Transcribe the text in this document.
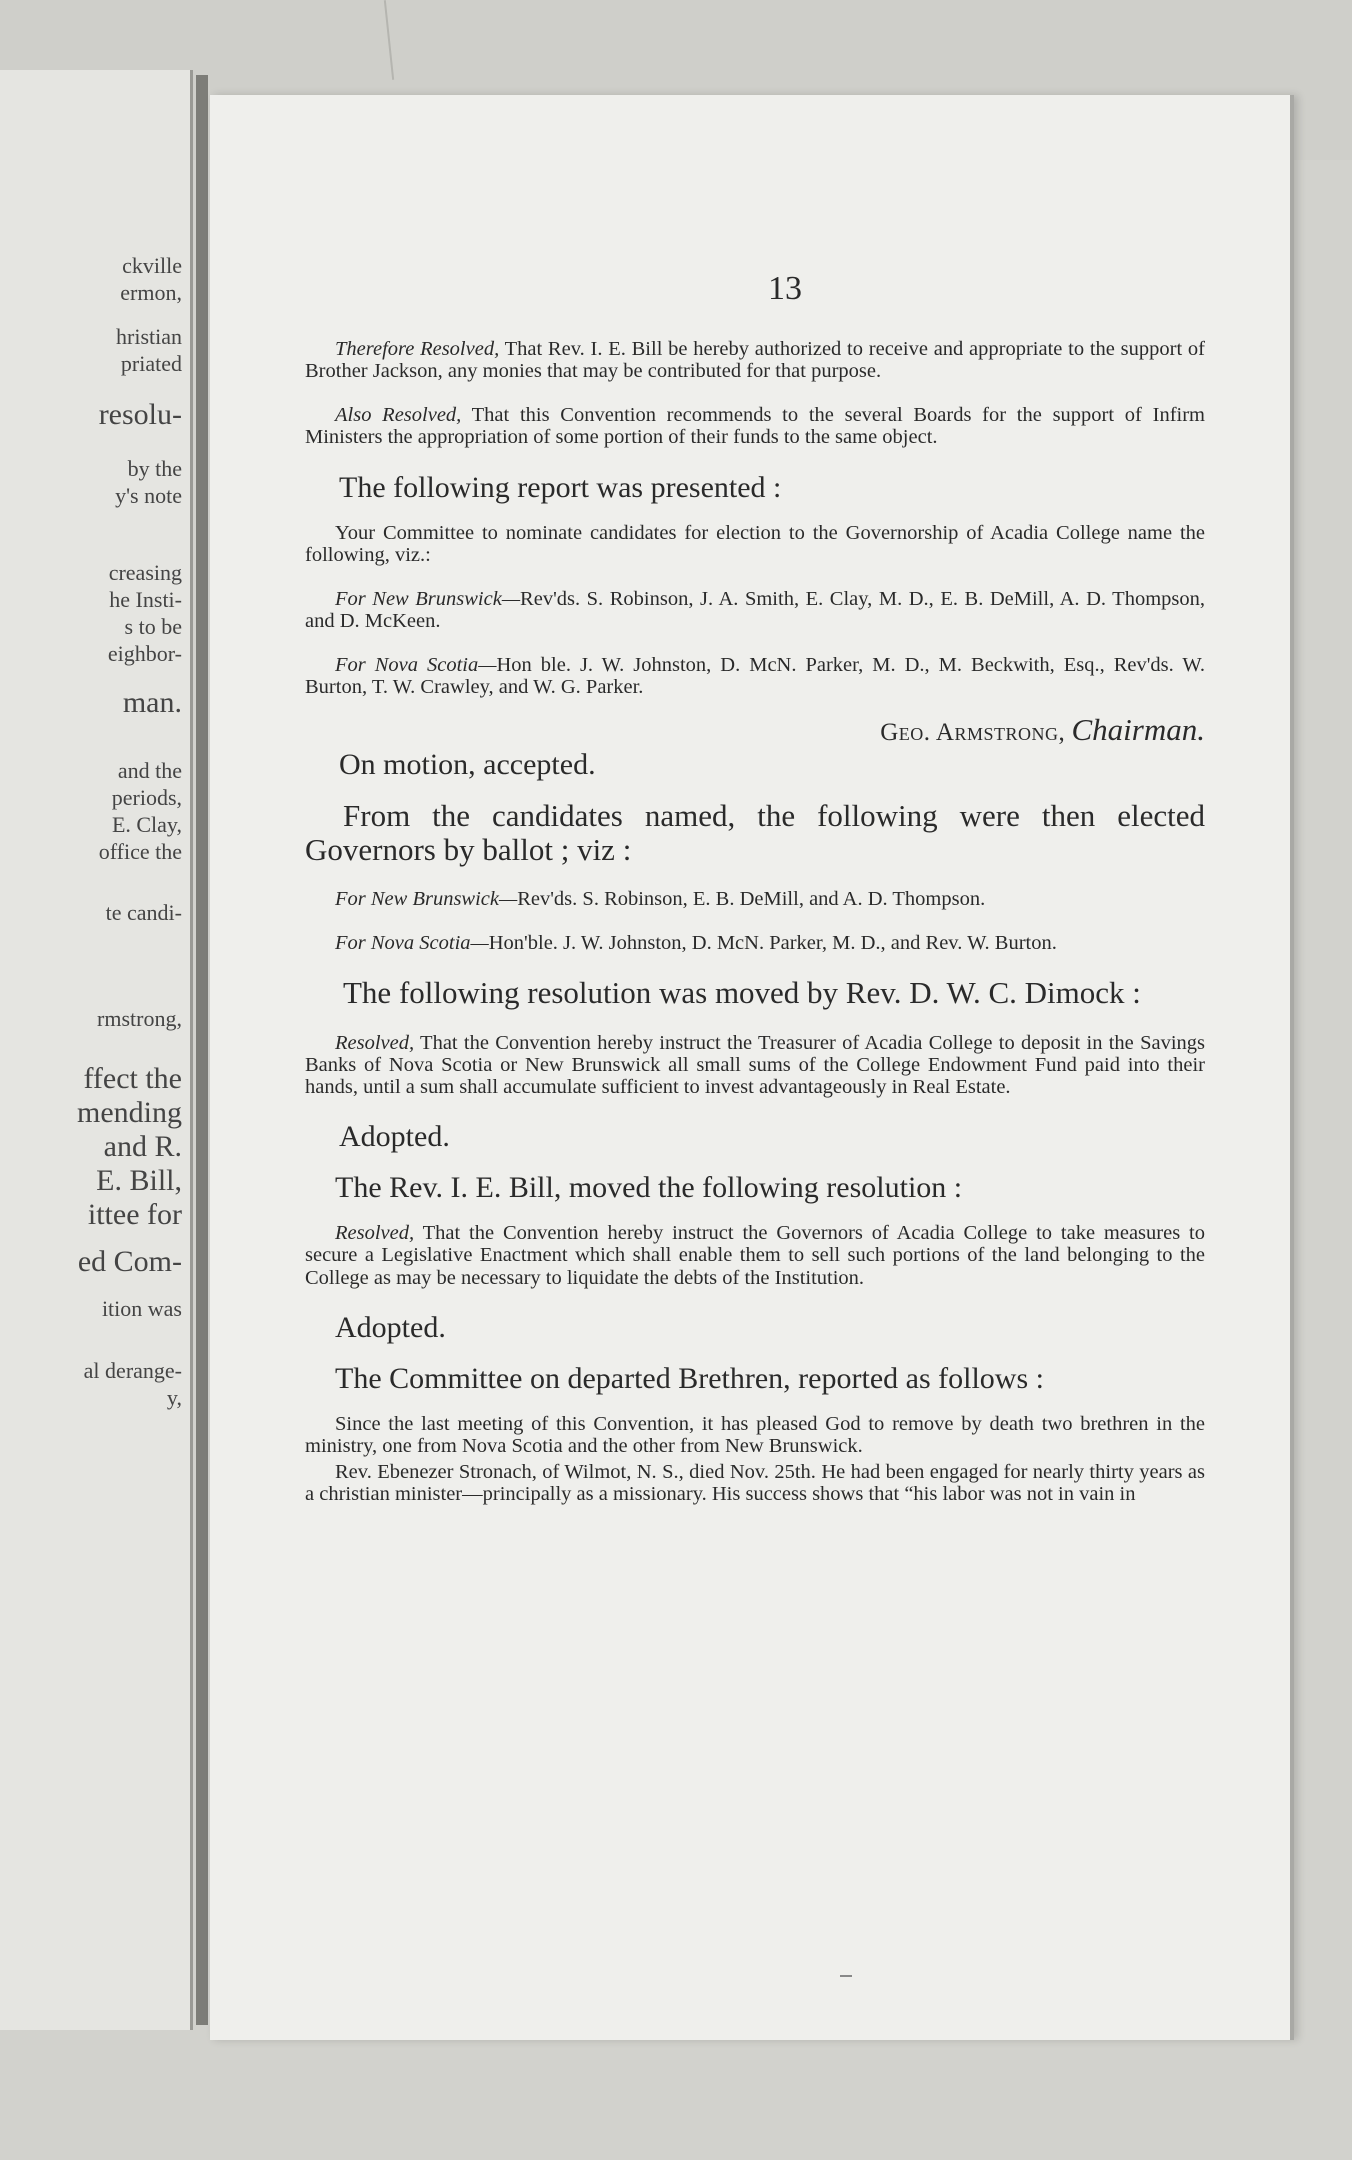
ckville
ermon,
hristian
priated
resolu-
by the
y's note
creasing
he Insti-
s to be
eighbor-
man.
and the
periods,
E. Clay,
office the
te candi-
rmstrong,
ffect the
mending
and R.
E. Bill,
ittee for
ed Com-
ition was
al derange-
y,
13

Therefore Resolved, That Rev. I. E. Bill be hereby authorized to receive and appropriate to the support of Brother Jackson, any monies that may be contributed for that purpose.

Also Resolved, That this Convention recommends to the several Boards for the support of Infirm Ministers the appropriation of some portion of their funds to the same object.

The following report was presented :

Your Committee to nominate candidates for election to the Governorship of Acadia College name the following, viz.:

For New Brunswick—Rev'ds. S. Robinson, J. A. Smith, E. Clay, M. D., E. B. DeMill, A. D. Thompson, and D. McKeen.

For Nova Scotia—Hon ble. J. W. Johnston, D. McN. Parker, M. D., M. Beckwith, Esq., Rev'ds. W. Burton, T. W. Crawley, and W. G. Parker.

Geo. Armstrong, Chairman.

On motion, accepted.

From the candidates named, the following were then elected Governors by ballot ; viz :

For New Brunswick—Rev'ds. S. Robinson, E. B. DeMill, and A. D. Thompson.

For Nova Scotia—Hon'ble. J. W. Johnston, D. McN. Parker, M. D., and Rev. W. Burton.

The following resolution was moved by Rev. D. W. C. Dimock :

Resolved, That the Convention hereby instruct the Treasurer of Acadia College to deposit in the Savings Banks of Nova Scotia or New Brunswick all small sums of the College Endowment Fund paid into their hands, until a sum shall accumulate sufficient to invest advantageously in Real Estate.

Adopted.

The Rev. I. E. Bill, moved the following resolution :

Resolved, That the Convention hereby instruct the Governors of Acadia College to take measures to secure a Legislative Enactment which shall enable them to sell such portions of the land belonging to the College as may be necessary to liquidate the debts of the Institution.

Adopted.

The Committee on departed Brethren, reported as follows :

Since the last meeting of this Convention, it has pleased God to remove by death two brethren in the ministry, one from Nova Scotia and the other from New Brunswick.

Rev. Ebenezer Stronach, of Wilmot, N. S., died Nov. 25th. He had been engaged for nearly thirty years as a christian minister—principally as a missionary. His success shows that “his labor was not in vain in
